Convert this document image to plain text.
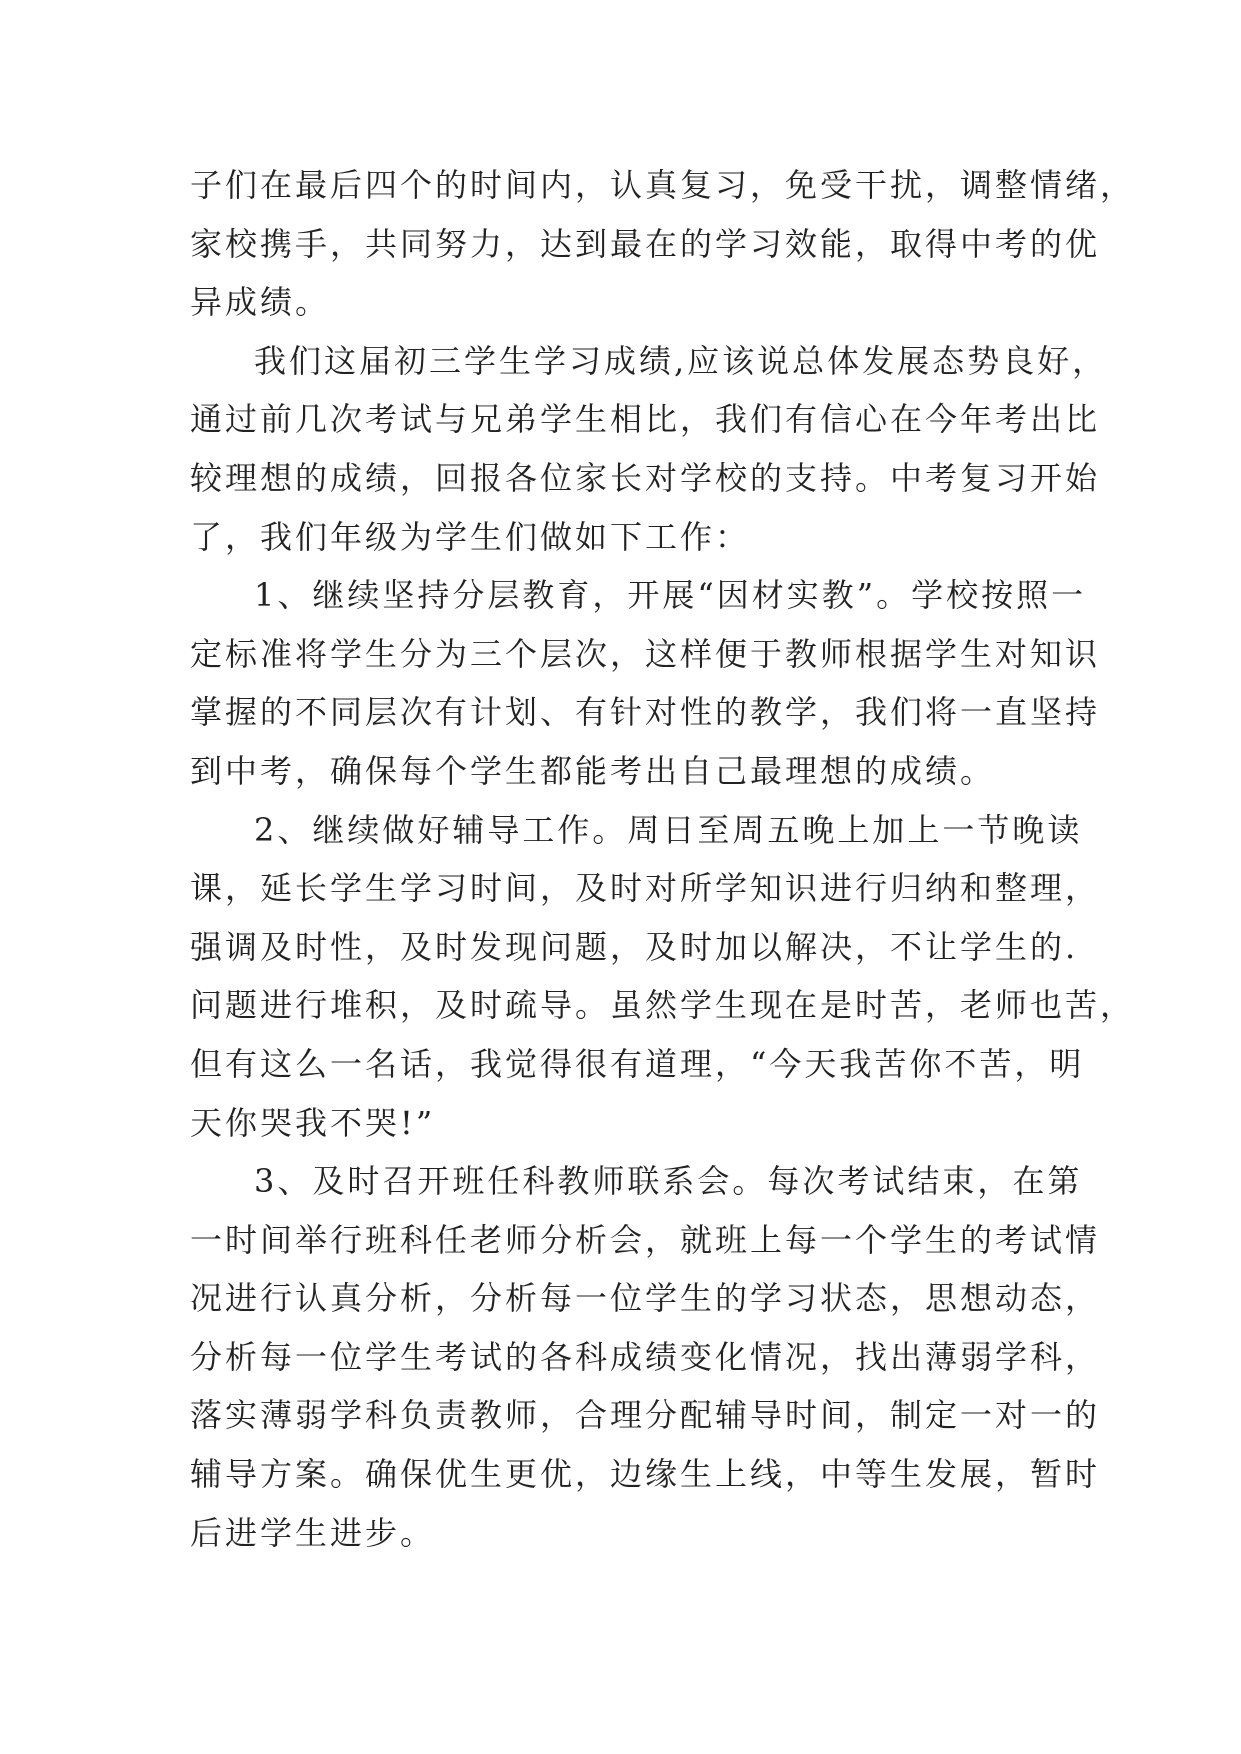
子们在最后四个的时间内，认真复习，免受干扰，调整情绪，
家校携手，共同努力，达到最在的学习效能，取得中考的优
异成绩。
我们这届初三学生学习成绩,应该说总体发展态势良好，
通过前几次考试与兄弟学生相比，我们有信心在今年考出比
较理想的成绩，回报各位家长对学校的支持。中考复习开始
了，我们年级为学生们做如下工作：
1、继续坚持分层教育，开展“因材实教”。学校按照一
定标准将学生分为三个层次，这样便于教师根据学生对知识
掌握的不同层次有计划、有针对性的教学，我们将一直坚持
到中考，确保每个学生都能考出自己最理想的成绩。
2、继续做好辅导工作。周日至周五晚上加上一节晚读
课，延长学生学习时间，及时对所学知识进行归纳和整理，
强调及时性，及时发现问题，及时加以解决，不让学生的.
问题进行堆积，及时疏导。虽然学生现在是时苦，老师也苦，
但有这么一名话，我觉得很有道理，“今天我苦你不苦，明
天你哭我不哭!”
3、及时召开班任科教师联系会。每次考试结束，在第
一时间举行班科任老师分析会，就班上每一个学生的考试情
况进行认真分析，分析每一位学生的学习状态，思想动态，
分析每一位学生考试的各科成绩变化情况，找出薄弱学科，
落实薄弱学科负责教师，合理分配辅导时间，制定一对一的
辅导方案。确保优生更优，边缘生上线，中等生发展，暂时
后进学生进步。
